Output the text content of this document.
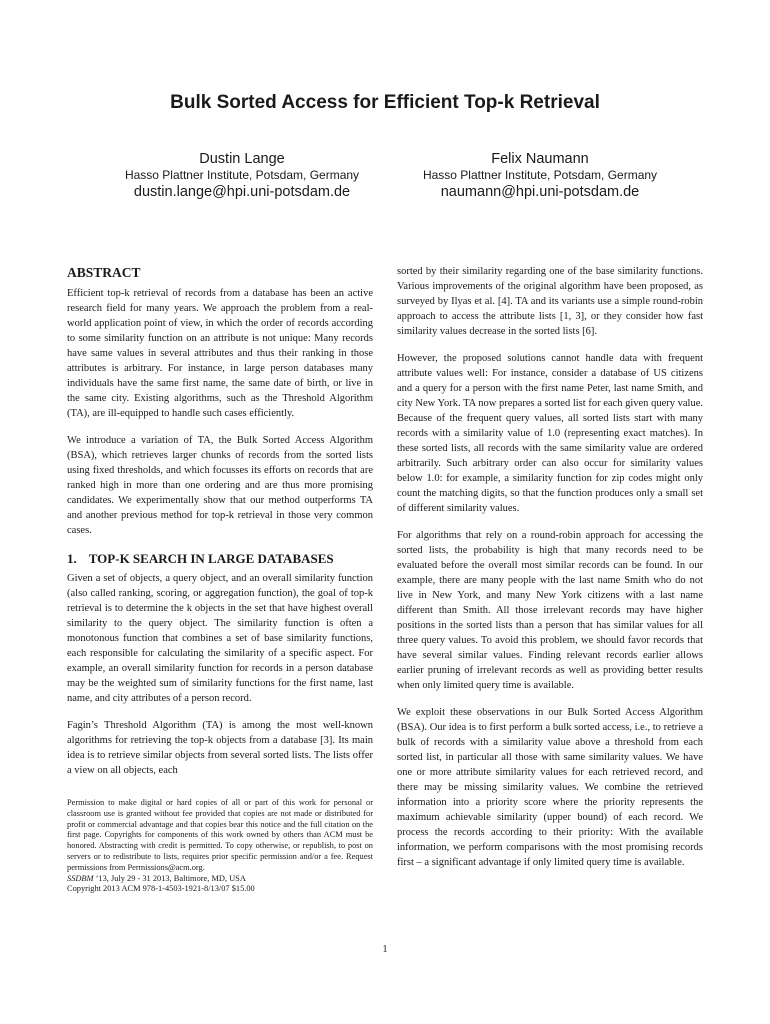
Bulk Sorted Access for Efficient Top-k Retrieval
Dustin Lange
Hasso Plattner Institute, Potsdam, Germany
dustin.lange@hpi.uni-potsdam.de
Felix Naumann
Hasso Plattner Institute, Potsdam, Germany
naumann@hpi.uni-potsdam.de
ABSTRACT

Efficient top-k retrieval of records from a database has been an active research field for many years. We approach the problem from a real-world application point of view, in which the order of records according to some similarity function on an attribute is not unique: Many records have same values in several attributes and thus their ranking in those attributes is arbitrary. For instance, in large person databases many individuals have the same first name, the same date of birth, or live in the same city. Existing algorithms, such as the Threshold Algorithm (TA), are ill-equipped to handle such cases efficiently.

We introduce a variation of TA, the Bulk Sorted Access Algorithm (BSA), which retrieves larger chunks of records from the sorted lists using fixed thresholds, and which focusses its efforts on records that are ranked high in more than one ordering and are thus more promising candidates. We experimentally show that our method outperforms TA and another previous method for top-k retrieval in those very common cases.

1. TOP-K SEARCH IN LARGE DATABASES

Given a set of objects, a query object, and an overall similarity function (also called ranking, scoring, or aggregation function), the goal of top-k retrieval is to determine the k objects in the set that have highest overall similarity to the query object. The similarity function is often a monotonous function that combines a set of base similarity functions, each responsible for calculating the similarity of a specific aspect. For example, an overall similarity function for records in a person database may be the weighted sum of similarity functions for the first name, last name, and city attributes of a person record.

Fagin’s Threshold Algorithm (TA) is among the most well-known algorithms for retrieving the top-k objects from a database [3]. Its main idea is to retrieve similar objects from several sorted lists. The lists offer a view on all objects, each

Permission to make digital or hard copies of all or part of this work for personal or classroom use is granted without fee provided that copies are not made or distributed for profit or commercial advantage and that copies bear this notice and the full citation on the first page. Copyrights for components of this work owned by others than ACM must be honored. Abstracting with credit is permitted. To copy otherwise, or republish, to post on servers or to redistribute to lists, requires prior specific permission and/or a fee. Request permissions from Permissions@acm.org.
SSDBM ’13, July 29 - 31 2013, Baltimore, MD, USA
Copyright 2013 ACM 978-1-4503-1921-8/13/07 $15.00

sorted by their similarity regarding one of the base similarity functions. Various improvements of the original algorithm have been proposed, as surveyed by Ilyas et al. [4]. TA and its variants use a simple round-robin approach to access the attribute lists [1, 3], or they consider how fast similarity values decrease in the sorted lists [6].

However, the proposed solutions cannot handle data with frequent attribute values well: For instance, consider a database of US citizens and a query for a person with the first name Peter, last name Smith, and city New York. TA now prepares a sorted list for each given query value. Because of the frequent query values, all sorted lists start with many records with a similarity value of 1.0 (representing exact matches). In these sorted lists, all records with the same similarity value are ordered arbitrarily. Such arbitrary order can also occur for similarity values below 1.0: for example, a similarity function for zip codes might only count the matching digits, so that the function produces only a small set of different similarity values.

For algorithms that rely on a round-robin approach for accessing the sorted lists, the probability is high that many records need to be evaluated before the overall most similar records can be found. In our example, there are many people with the last name Smith who do not live in New York, and many New York citizens with a last name different than Smith. All those irrelevant records may have higher positions in the sorted lists than a person that has similar values for all three query values. To avoid this problem, we should favor records that have several similar values. Finding relevant records earlier allows earlier pruning of irrelevant records as well as providing better results when only limited query time is available.

We exploit these observations in our Bulk Sorted Access Algorithm (BSA). Our idea is to first perform a bulk sorted access, i.e., to retrieve a bulk of records with a similarity value above a threshold from each sorted list, in particular all those with same similarity values. We have one or more attribute similarity values for each retrieved record, and there may be missing similarity values. We combine the retrieved information into a priority score where the priority represents the maximum achievable similarity (upper bound) of each record. We process the records according to their priority: With the available information, we perform comparisons with the most promising records first – a significant advantage if only limited query time is available.

1
